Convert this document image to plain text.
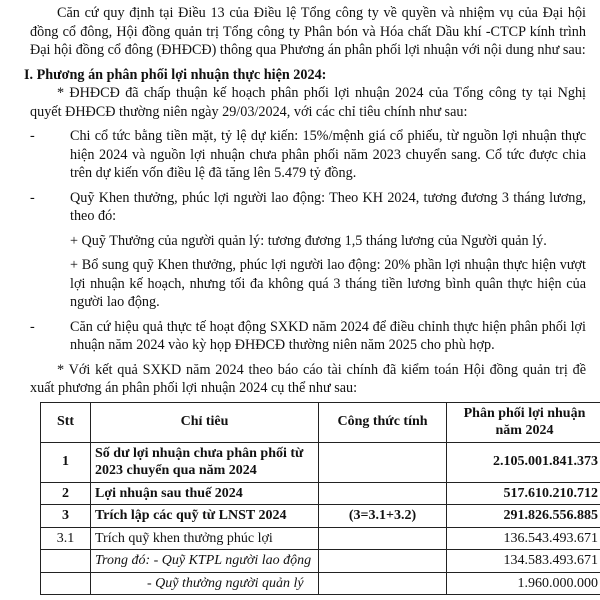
Căn cứ quy định tại Điều 13 của Điều lệ Tổng công ty về quyền và nhiệm vụ của Đại hội đồng cổ đông, Hội đồng quản trị Tổng công ty Phân bón và Hóa chất Dầu khí -CTCP kính trình Đại hội đồng cổ đông (ĐHĐCĐ) thông qua Phương án phân phối lợi nhuận với nội dung như sau:

I. Phương án phân phối lợi nhuận thực hiện 2024:

* ĐHĐCĐ đã chấp thuận kế hoạch phân phối lợi nhuận 2024 của Tổng công ty tại Nghị quyết ĐHĐCĐ thường niên ngày 29/03/2024, với các chỉ tiêu chính như sau:

- Chi cổ tức bằng tiền mặt, tỷ lệ dự kiến: 15%/mệnh giá cổ phiếu, từ nguồn lợi nhuận thực hiện 2024 và nguồn lợi nhuận chưa phân phối năm 2023 chuyển sang. Cổ tức được chia trên dự kiến vốn điều lệ đã tăng lên 5.479 tỷ đồng.

- Quỹ Khen thưởng, phúc lợi người lao động: Theo KH 2024, tương đương 3 tháng lương, theo đó:

+ Quỹ Thưởng của người quản lý: tương đương 1,5 tháng lương của Người quản lý.

+ Bổ sung quỹ Khen thưởng, phúc lợi người lao động: 20% phần lợi nhuận thực hiện vượt lợi nhuận kế hoạch, nhưng tối đa không quá 3 tháng tiền lương bình quân thực hiện của người lao động.

- Căn cứ hiệu quả thực tế hoạt động SXKD năm 2024 để điều chỉnh thực hiện phân phối lợi nhuận năm 2024 vào kỳ họp ĐHĐCĐ thường niên năm 2025 cho phù hợp.

* Với kết quả SXKD năm 2024 theo báo cáo tài chính đã kiểm toán Hội đồng quản trị đề xuất phương án phân phối lợi nhuận 2024 cụ thể như sau:

Stt	Chỉ tiêu	Công thức tính	Phân phối lợi nhuận năm 2024
1	Số dư lợi nhuận chưa phân phối từ 2023 chuyển qua năm 2024		2.105.001.841.373
2	Lợi nhuận sau thuế 2024		517.610.210.712
3	Trích lập các quỹ từ LNST 2024	(3=3.1+3.2)	291.826.556.885
3.1	Trích quỹ khen thưởng phúc lợi		136.543.493.671
	Trong đó: - Quỹ KTPL người lao động		134.583.493.671
	- Quỹ thưởng người quản lý		1.960.000.000
